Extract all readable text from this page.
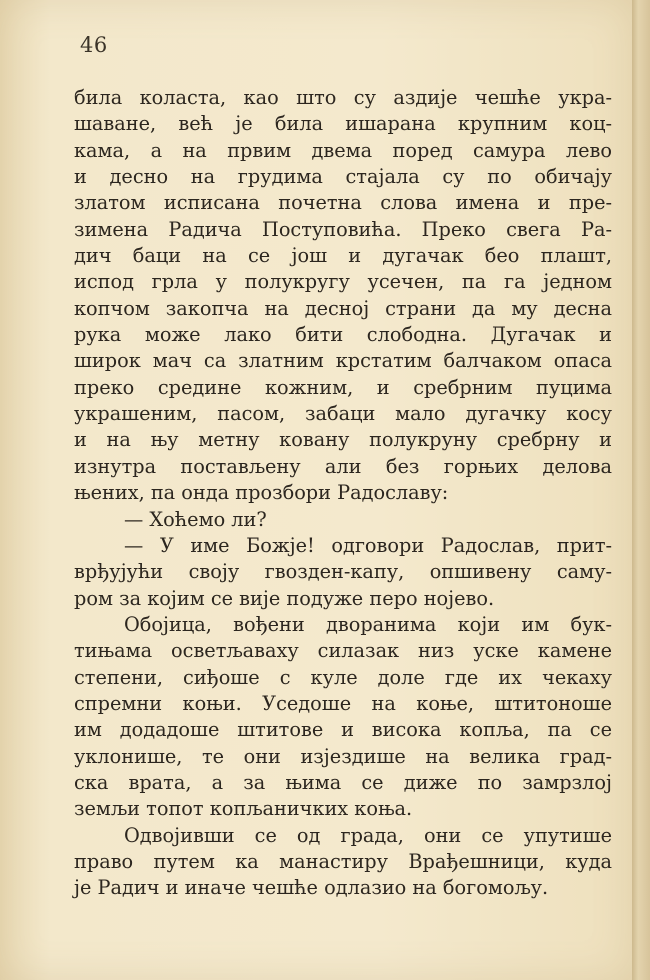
46
била коласта, као што су аздије чешће укра-
шаване, већ је била ишарана крупним коц-
кама, а на првим двема поред самура лево
и десно на грудима стајала су по обичају
златом исписана почетна слова имена и пре-
зимена Радича Поступовића. Преко свега Ра-
дич баци на се још и дугачак бео плашт,
испод грла у полукругу усечен, па га једном
копчом закопча на десној страни да му десна
рука може лако бити слободна. Дугачак и
широк мач са златним крстатим балчаком опаса
преко средине кожним, и сребрним пуцима
украшеним, пасом, забаци мало дугачку косу
и на њу метну ковану полукруну сребрну и
изнутра постављену али без горњих делова
њених, па онда прозбори Радославу:
— Хоћемо ли?
— У име Божје! одговори Радослав, прит-
врђујући своју гвозден-капу, опшивену саму-
ром за којим се вије подуже перо нојево.
Обојица, вођени дворанима који им бук-
тињама осветљаваху силазак низ уске камене
степени, сиђоше с куле доле где их чекаху
спремни коњи. Уседоше на коње, штитоноше
им додадоше штитове и висока копља, па се
уклонише, те они изјездише на велика град-
ска врата, а за њима се диже по замрзлој
земљи топот копљаничких коња.
Одвојивши се од града, они се упутише
право путем ка манастиру Врађешници, куда
је Радич и иначе чешће одлазио на богомољу.
